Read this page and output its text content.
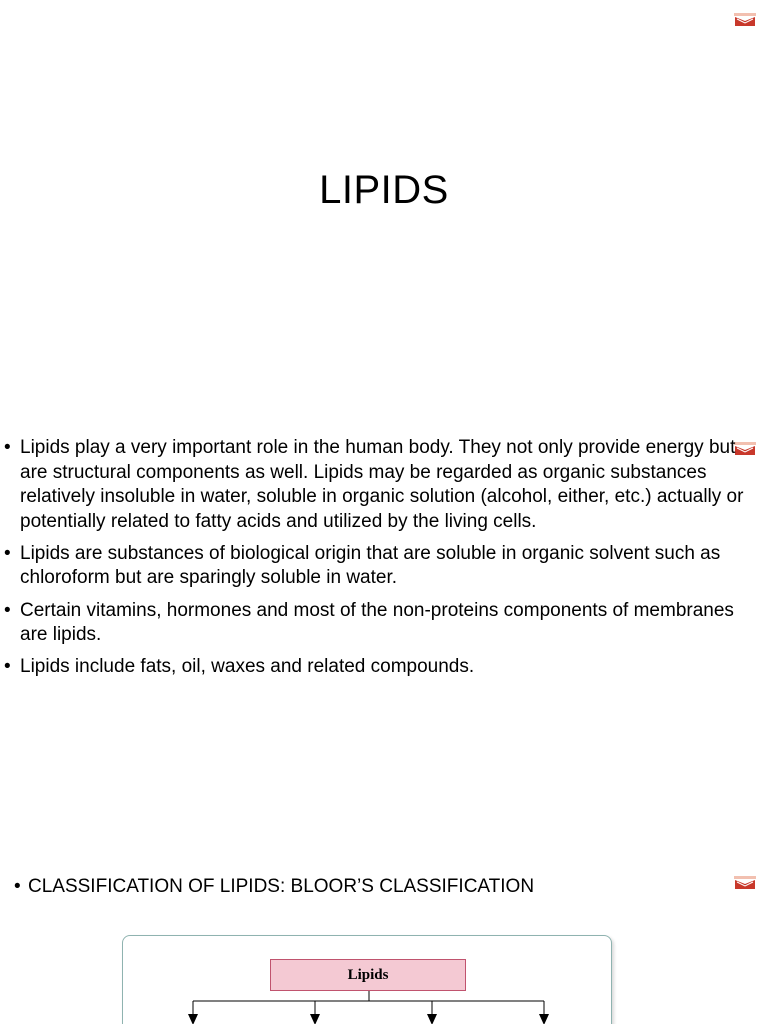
LIPIDS
• Lipids play a very important role in the human body. They not only provide energy but are structural components as well. Lipids may be regarded as organic substances relatively insoluble in water, soluble in organic solution (alcohol, either, etc.) actually or potentially related to fatty acids and utilized by the living cells.
• Lipids are substances of biological origin that are soluble in organic solvent such as chloroform but are sparingly soluble in water.
• Certain vitamins, hormones and most of the non-proteins components of membranes are lipids.
• Lipids include fats, oil, waxes and related compounds.
• CLASSIFICATION OF LIPIDS: BLOOR’S CLASSIFICATION
Lipids
